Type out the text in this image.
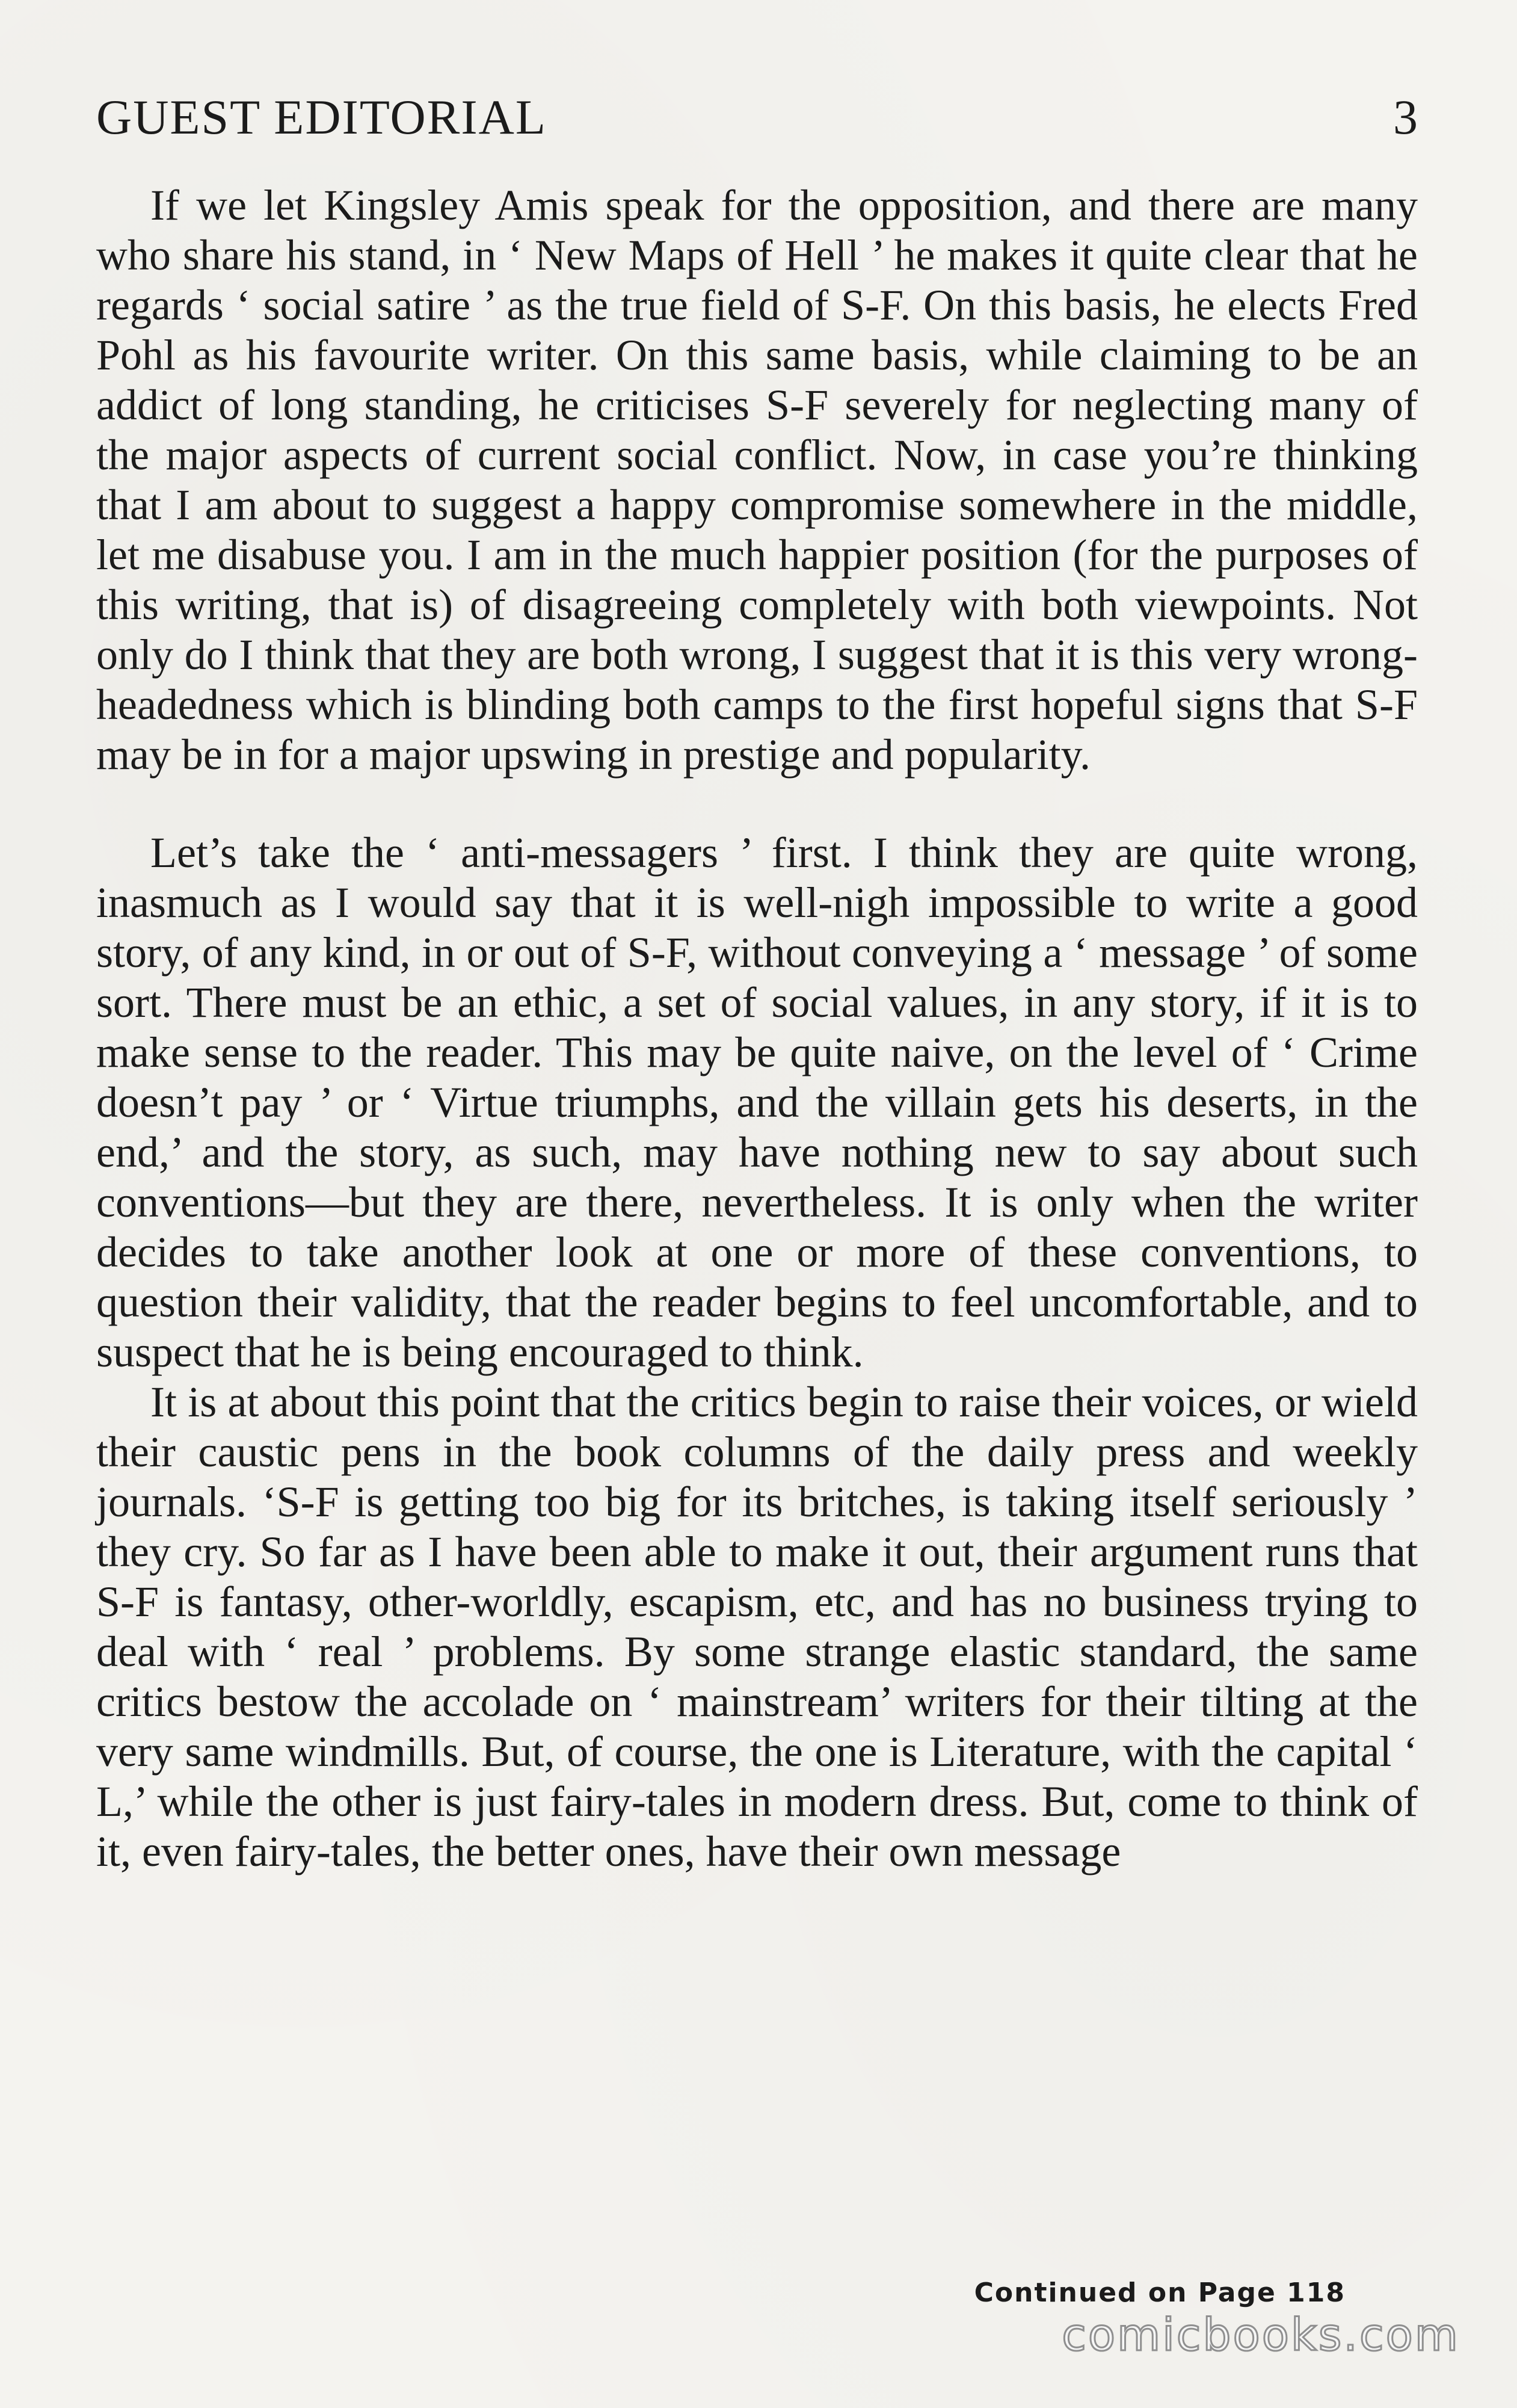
GUEST EDITORIAL	3

If we let Kingsley Amis speak for the opposition, and there are many who share his stand, in ‘ New Maps of Hell ’ he makes it quite clear that he regards ‘ social satire ’ as the true field of S-F. On this basis, he elects Fred Pohl as his favourite writer. On this same basis, while claiming to be an addict of long standing, he criticises S-F severely for neglecting many of the major aspects of current social conflict. Now, in case you’re thinking that I am about to suggest a happy compromise somewhere in the middle, let me disabuse you. I am in the much happier position (for the purposes of this writing, that is) of disagreeing completely with both viewpoints. Not only do I think that they are both wrong, I suggest that it is this very wrong-headedness which is blinding both camps to the first hopeful signs that S-F may be in for a major upswing in prestige and popularity.

Let’s take the ‘ anti-messagers ’ first. I think they are quite wrong, inasmuch as I would say that it is well-nigh impossible to write a good story, of any kind, in or out of S-F, without conveying a ‘ message ’ of some sort. There must be an ethic, a set of social values, in any story, if it is to make sense to the reader. This may be quite naive, on the level of ‘ Crime doesn’t pay ’ or ‘ Virtue triumphs, and the villain gets his deserts, in the end,’ and the story, as such, may have nothing new to say about such conventions—but they are there, nevertheless. It is only when the writer decides to take another look at one or more of these conventions, to question their validity, that the reader begins to feel uncomfortable, and to suspect that he is being encouraged to think.

It is at about this point that the critics begin to raise their voices, or wield their caustic pens in the book columns of the daily press and weekly journals. ‘S-F is getting too big for its britches, is taking itself seriously ’ they cry. So far as I have been able to make it out, their argument runs that S-F is fantasy, other-worldly, escapism, etc, and has no business trying to deal with ‘ real ’ problems. By some strange elastic standard, the same critics bestow the accolade on ‘ mainstream’ writers for their tilting at the very same windmills. But, of course, the one is Literature, with the capital ‘ L,’ while the other is just fairy-tales in modern dress. But, come to think of it, even fairy-tales, the better ones, have their own message

Continued on Page 118
comicbooks.com
